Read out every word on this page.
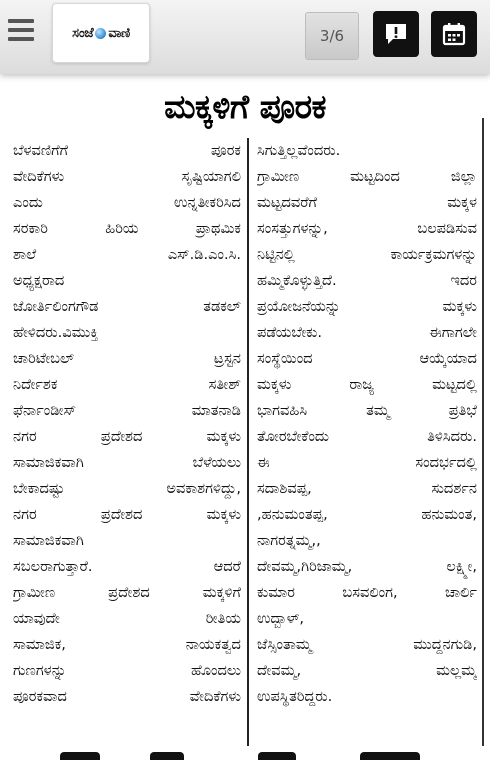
ಸಂಜೆ ವಾಣಿ	3/6
ಮಕ್ಕಳಿಗೆ ಪೂರಕ
ಬೆಳವಣಿಗೆಗೆ	ಪೂರಕ
ವೇದಿಕೆಗಳು	ಸೃಷ್ಟಿಯಾಗಲಿ
ಎಂದು	ಉನ್ನತೀಕರಿಸಿದ
ಸರಕಾರಿ	ಹಿರಿಯ	ಪ್ರಾಥಮಿಕ
ಶಾಲೆ	ಎಸ್.ಡಿ.ಎಂ.ಸಿ.
ಅಧ್ಯಕ್ಷರಾದ
ಜೋರ್ತಿಲಿಂಗಗೌಡ	ತಡಕಲ್
ಹೇಳಿದರು.ವಿಮುಕ್ತಿ
ಚಾರಿಟೇಬಲ್	ಟ್ರಸ್ಟನ
ನಿರ್ದೇಶಕ	ಸತೀಶ್
ಫೆರ್ನಾಂಡೀಸ್	ಮಾತನಾಡಿ
ನಗರ	ಪ್ರದೇಶದ	ಮಕ್ಕಳು
ಸಾಮಾಜಿಕವಾಗಿ	ಬೆಳೆಯಲು
ಬೇಕಾದಷ್ಟು	ಅವಕಾಶಗಳಿದ್ದು,
ನಗರ	ಪ್ರದೇಶದ	ಮಕ್ಕಳು
ಸಾಮಾಜಿಕವಾಗಿ
ಸಬಲರಾಗುತ್ತಾರೆ.	ಆದರೆ
ಗ್ರಾಮೀಣ	ಪ್ರದೇಶದ	ಮಕ್ಕಳಿಗೆ
ಯಾವುದೇ	ರೀತಿಯ
ಸಾಮಾಜಿಕ,	ನಾಯಕತ್ವದ
ಗುಣಗಳನ್ನು	ಹೊಂದಲು
ಪೂರಕವಾದ	ವೇದಿಕೆಗಳು
ಸಿಗುತ್ತಿಲ್ಲವೆಂದರು.
ಗ್ರಾಮೀಣ	ಮಟ್ಟದಿಂದ	ಜಿಲ್ಲಾ
ಮಟ್ಟದವರೆಗೆ	ಮಕ್ಕಳ
ಸಂಸತ್ತುಗಳನ್ನು,	ಬಲಪಡಿಸುವ
ನಿಟ್ಟಿನಲ್ಲಿ	ಕಾರ್ಯಕ್ರಮಗಳನ್ನು
ಹಮ್ಮಿಕೊಳ್ಳುತ್ತಿದೆ.	ಇದರ
ಪ್ರಯೋಜನೆಯನ್ನು	ಮಕ್ಕಳು
ಪಡೆಯಬೇಕು.	ಈಗಾಗಲೇ
ಸಂಸ್ಥೆಯಿಂದ	ಆಯ್ಕೆಯಾದ
ಮಕ್ಕಳು	ರಾಜ್ಯ	ಮಟ್ಟದಲ್ಲಿ
ಭಾಗವಹಿಸಿ	ತಮ್ಮ	ಪ್ರತಿಭೆ
ತೋರಬೇಕೆಂದು	ತಿಳಿಸಿದರು.
ಈ	ಸಂದರ್ಭದಲ್ಲಿ
ಸದಾಶಿವಪ್ಪ,	ಸುದರ್ಶನ
,ಹನುಮಂತಪ್ಪ,	ಹನುಮಂತ,
ನಾಗರತ್ನಮ್ಮ,,
ದೇವಮ್ಮ,ಗಿರಿಜಾಮ್ಮ,	ಲಕ್ಷ್ಮೀ,
ಕುಮಾರ	ಬಸವಲಿಂಗ,	ಚಾರ್ಲಿ
ಉದ್ಬಾಳ್,
ಜೆಸ್ಸಿಂತಾಮ್ಮ	ಮುದ್ದನಗುಡಿ,
ದೇವಮ್ಮ,	ಮಲ್ಲಮ್ಮ
ಉಪಸ್ಥಿತರಿದ್ದರು.
